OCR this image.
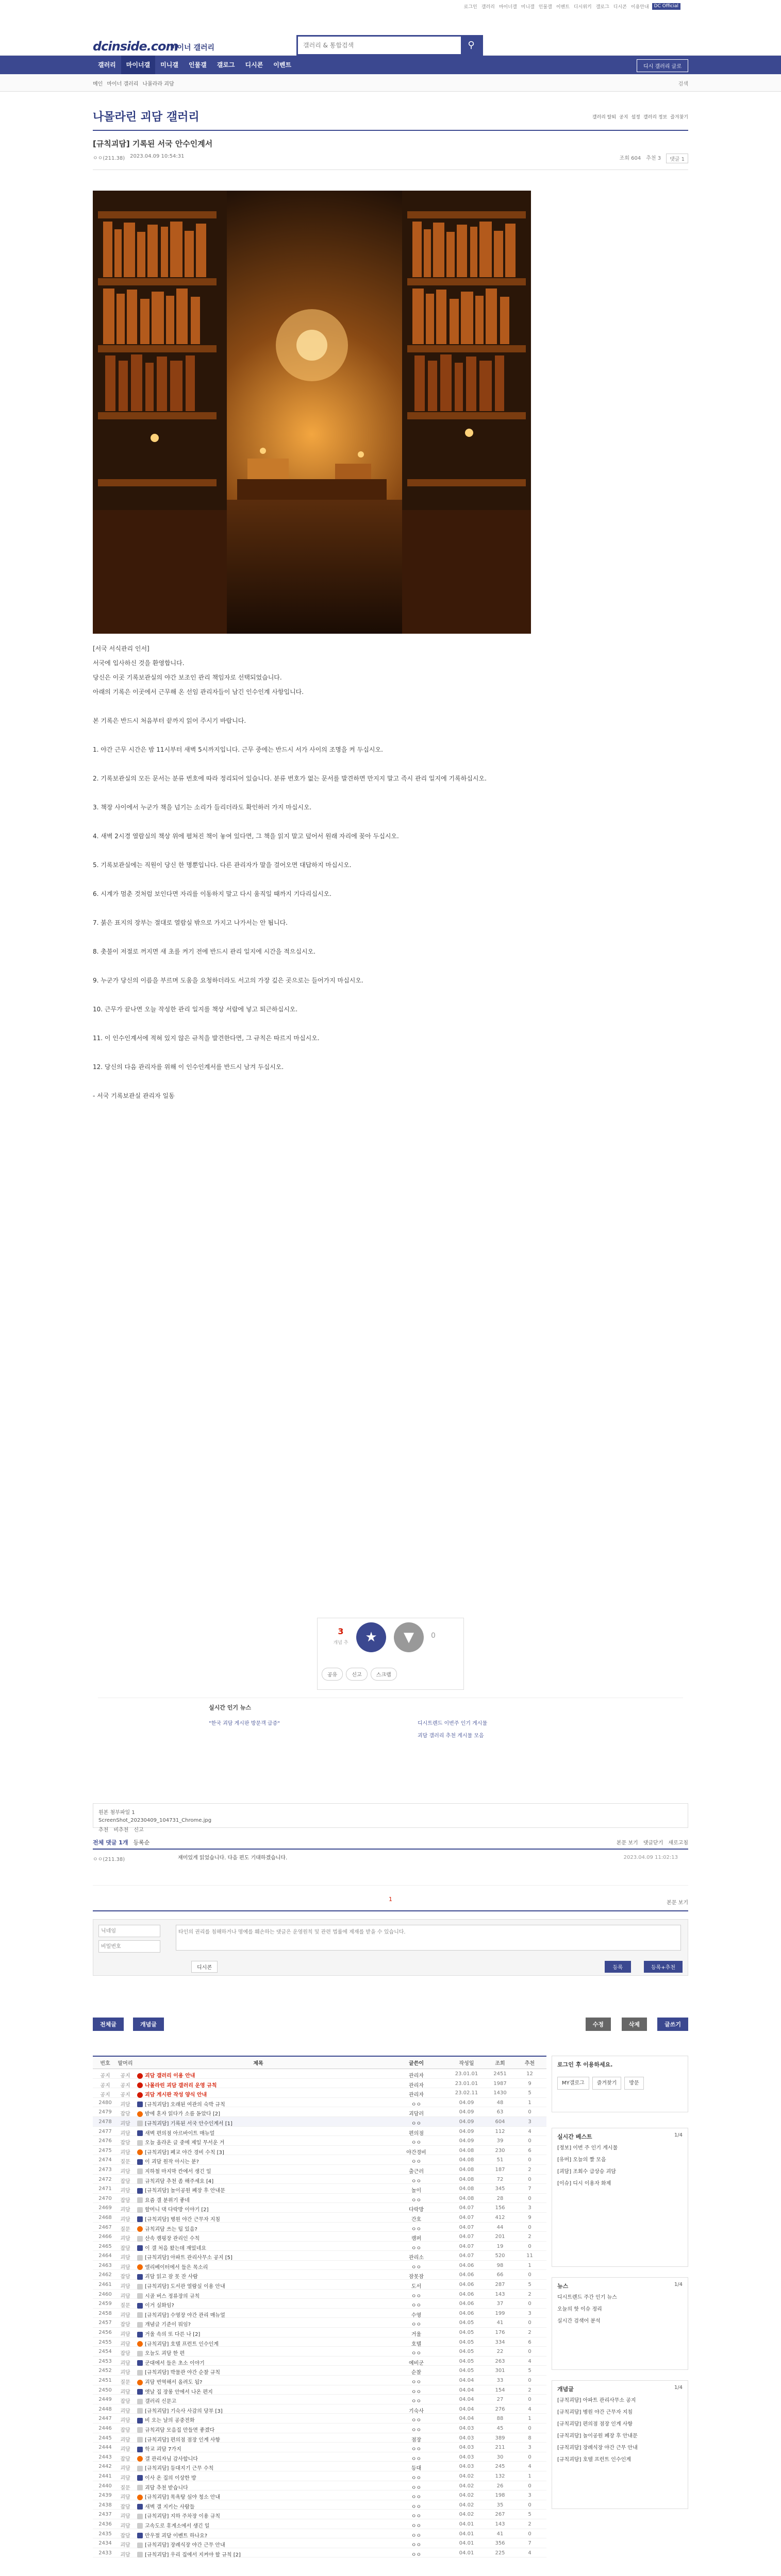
로그인 갤러리 마이너갤 미니갤 인물갤 이벤트 디시위키 갤로그 디시콘 이용안내	DC Official
dcinside.com
마이너 갤러리
갤러리 & 통합검색	⚲
갤러리	마이너갤	미니갤	인물갤	갤로그	디시콘	이벤트	디시 갤러리 글로
메인 마이너 갤러리 나몰라라 괴담	검색
나몰라린 괴담 갤러리	갤러리 탈퇴 공지 설정 갤러리 정보 즐겨찾기
[규칙괴담] 기록된 서국 안수인계서
ㅇㅇ(211.38) 2023.04.09 10:54:31	조회 604 추천 3	댓글 1

[서국 서식관리 인서]

서국에 입사하신 것을 환영합니다.

당신은 이곳 기록보관실의 야간 보조인 관리 책임자로 선택되었습니다.

아래의 기록은 이곳에서 근무해 온 선임 관리자들이 남긴 인수인계 사항입니다.

본 기록은 반드시 처음부터 끝까지 읽어 주시기 바랍니다.

1. 야간 근무 시간은 밤 11시부터 새벽 5시까지입니다. 근무 중에는 반드시 서가 사이의 조명을 켜 두십시오.

2. 기록보관실의 모든 문서는 분류 번호에 따라 정리되어 있습니다. 분류 번호가 없는 문서를 발견하면 만지지 말고 즉시 관리 일지에 기록하십시오.

3. 책장 사이에서 누군가 책을 넘기는 소리가 들리더라도 확인하러 가지 마십시오.

4. 새벽 2시경 열람실의 책상 위에 펼쳐진 책이 놓여 있다면, 그 책을 읽지 말고 덮어서 원래 자리에 꽂아 두십시오.

5. 기록보관실에는 직원이 당신 한 명뿐입니다. 다른 관리자가 말을 걸어오면 대답하지 마십시오.

6. 시계가 멈춘 것처럼 보인다면 자리를 이동하지 말고 다시 움직일 때까지 기다리십시오.

7. 붉은 표지의 장부는 절대로 열람실 밖으로 가지고 나가서는 안 됩니다.

8. 촛불이 저절로 꺼지면 새 초를 켜기 전에 반드시 관리 일지에 시간을 적으십시오.

9. 누군가 당신의 이름을 부르며 도움을 요청하더라도 서고의 가장 깊은 곳으로는 들어가지 마십시오.

10. 근무가 끝나면 오늘 작성한 관리 일지를 책상 서랍에 넣고 퇴근하십시오.

11. 이 인수인계서에 적혀 있지 않은 규칙을 발견한다면, 그 규칙은 따르지 마십시오.

12. 당신의 다음 관리자를 위해 이 인수인계서를 반드시 남겨 두십시오.

- 서국 기록보관실 관리자 일동

3
개념 추	★	▼	0
공유	신고	스크랩
실시간 인기 뉴스
"한국 괴담 게시판 방문객 급증"	디시트렌드 이번주 인기 게시물
괴담 갤러리 추천 게시물 모음
원본 첨부파일 1
ScreenShot_20230409_104731_Chrome.jpg
추천 비추천 신고
전체 댓글 1개 등록순	본문 보기 댓글닫기 새로고침
ㅇㅇ(211.38)	재미있게 읽었습니다. 다음 편도 기대하겠습니다.	2023.04.09 11:02:13
1
본문 보기
닉네임
비밀번호
타인의 권리를 침해하거나 명예를 훼손하는 댓글은 운영원칙 및 관련 법률에 제재를 받을 수 있습니다.
디시콘	등록	등록+추천
전체글	개념글	수정	삭제	글쓰기
번호	말머리	제목	글쓴이	작성일	조회	추천
공지	공지	괴담 갤러리 이용 안내	관리자	23.01.01	2451	12
공지	공지	나몰라린 괴담 갤러리 운영 규칙	관리자	23.01.01	1987	9
공지	공지	괴담 게시판 작성 양식 안내	관리자	23.02.11	1430	5
2480	괴담	[규칙괴담] 오래된 여관의 숙박 규칙	ㅇㅇ	04.09	48	1
2479	잡담	밤에 혼자 읽다가 소름 돋았다 [2]	괴담러	04.09	63	0
2478	괴담	[규칙괴담] 기록된 서국 안수인계서 [1]	ㅇㅇ	04.09	604	3
2477	괴담	새벽 편의점 아르바이트 매뉴얼	편의점	04.09	112	4
2476	잡담	오늘 올라온 글 중에 제일 무서운 거	ㅇㅇ	04.09	39	0
2475	괴담	[규칙괴담] 폐교 야간 경비 수칙 [3]	야간경비	04.08	230	6
2474	질문	이 괴담 원작 아시는 분?	ㅇㅇ	04.08	51	0
2473	괴담	지하철 마지막 칸에서 생긴 일	출근러	04.08	187	2
2472	잡담	규칙괴담 추천 좀 해주세요 [4]	ㅇㅇ	04.08	72	0
2471	괴담	[규칙괴담] 놀이공원 폐장 후 안내문	놀이	04.08	345	7
2470	잡담	요즘 갤 분위기 좋네	ㅇㅇ	04.08	28	0
2469	괴담	할머니 댁 다락방 이야기 [2]	다락방	04.07	156	3
2468	괴담	[규칙괴담] 병원 야간 근무자 지침	간호	04.07	412	9
2467	질문	규칙괴담 쓰는 팁 있음?	ㅇㅇ	04.07	44	0
2466	괴담	산속 캠핑장 관리인 수칙	캠퍼	04.07	201	2
2465	잡담	이 갤 처음 왔는데 재밌네요	ㅇㅇ	04.07	19	0
2464	괴담	[규칙괴담] 아파트 관리사무소 공지 [5]	관리소	04.07	520	11
2463	괴담	엘리베이터에서 들은 목소리	ㅇㅇ	04.06	98	1
2462	잡담	괴담 읽고 잠 못 잔 사람	잠못잠	04.06	66	0
2461	괴담	[규칙괴담] 도서관 열람실 이용 안내	도서	04.06	287	5
2460	괴담	시골 버스 정류장의 규칙	ㅇㅇ	04.06	143	2
2459	질문	이거 실화임?	ㅇㅇ	04.06	37	0
2458	괴담	[규칙괴담] 수영장 야간 관리 매뉴얼	수영	04.06	199	3
2457	잡담	개념글 기준이 뭐임?	ㅇㅇ	04.05	41	0
2456	괴담	거울 속의 또 다른 나 [2]	거울	04.05	176	2
2455	괴담	[규칙괴담] 호텔 프런트 인수인계	호텔	04.05	334	6
2454	잡담	오늘도 괴담 한 편	ㅇㅇ	04.05	22	0
2453	괴담	군대에서 들은 초소 이야기	예비군	04.05	263	4
2452	괴담	[규칙괴담] 박물관 야간 순찰 규칙	순찰	04.05	301	5
2451	질문	괴담 번역해서 올려도 됨?	ㅇㅇ	04.04	33	0
2450	괴담	옛날 집 장롱 안에서 나온 편지	ㅇㅇ	04.04	154	2
2449	잡담	갤러리 신문고	ㅇㅇ	04.04	27	0
2448	괴담	[규칙괴담] 기숙사 사감의 당부 [3]	기숙사	04.04	276	4
2447	괴담	비 오는 날의 공중전화	ㅇㅇ	04.04	88	1
2446	잡담	규칙괴담 모음집 만들면 좋겠다	ㅇㅇ	04.03	45	0
2445	괴담	[규칙괴담] 편의점 점장 인계 사항	점장	04.03	389	8
2444	괴담	학교 괴담 7가지	ㅇㅇ	04.03	211	3
2443	잡담	갤 관리자님 감사합니다	ㅇㅇ	04.03	30	0
2442	괴담	[규칙괴담] 등대지기 근무 수칙	등대	04.03	245	4
2441	괴담	이사 온 집의 이상한 방	ㅇㅇ	04.02	132	1
2440	질문	괴담 추천 받습니다	ㅇㅇ	04.02	26	0
2439	괴담	[규칙괴담] 목욕탕 심야 청소 안내	ㅇㅇ	04.02	198	3
2438	잡담	새벽 갤 지키는 사람들	ㅇㅇ	04.02	35	0
2437	괴담	[규칙괴담] 지하 주차장 이용 규칙	ㅇㅇ	04.02	267	5
2436	괴담	고속도로 휴게소에서 생긴 일	ㅇㅇ	04.01	143	2
2435	잡담	만우절 괴담 이벤트 하나요?	ㅇㅇ	04.01	41	0
2434	괴담	[규칙괴담] 장례식장 야간 근무 안내	ㅇㅇ	04.01	356	7
2433	괴담	[규칙괴담] 우리 집에서 지켜야 할 규칙 [2]	ㅇㅇ	04.01	225	4
로그인 후 이용하세요.
MY갤로그	즐겨찾기	방문
실시간 베스트	1/4
[정보] 이번 주 인기 게시물
[유머] 오늘의 짤 모음
[괴담] 조회수 급상승 괴담
[이슈] 디시 이용자 화제
뉴스	1/4
디시트렌드 주간 인기 뉴스
오늘의 핫 이슈 정리
실시간 검색어 분석
개념글	1/4
[규칙괴담] 아파트 관리사무소 공지
[규칙괴담] 병원 야간 근무자 지침
[규칙괴담] 편의점 점장 인계 사항
[규칙괴담] 놀이공원 폐장 후 안내문
[규칙괴담] 장례식장 야간 근무 안내
[규칙괴담] 호텔 프런트 인수인계
